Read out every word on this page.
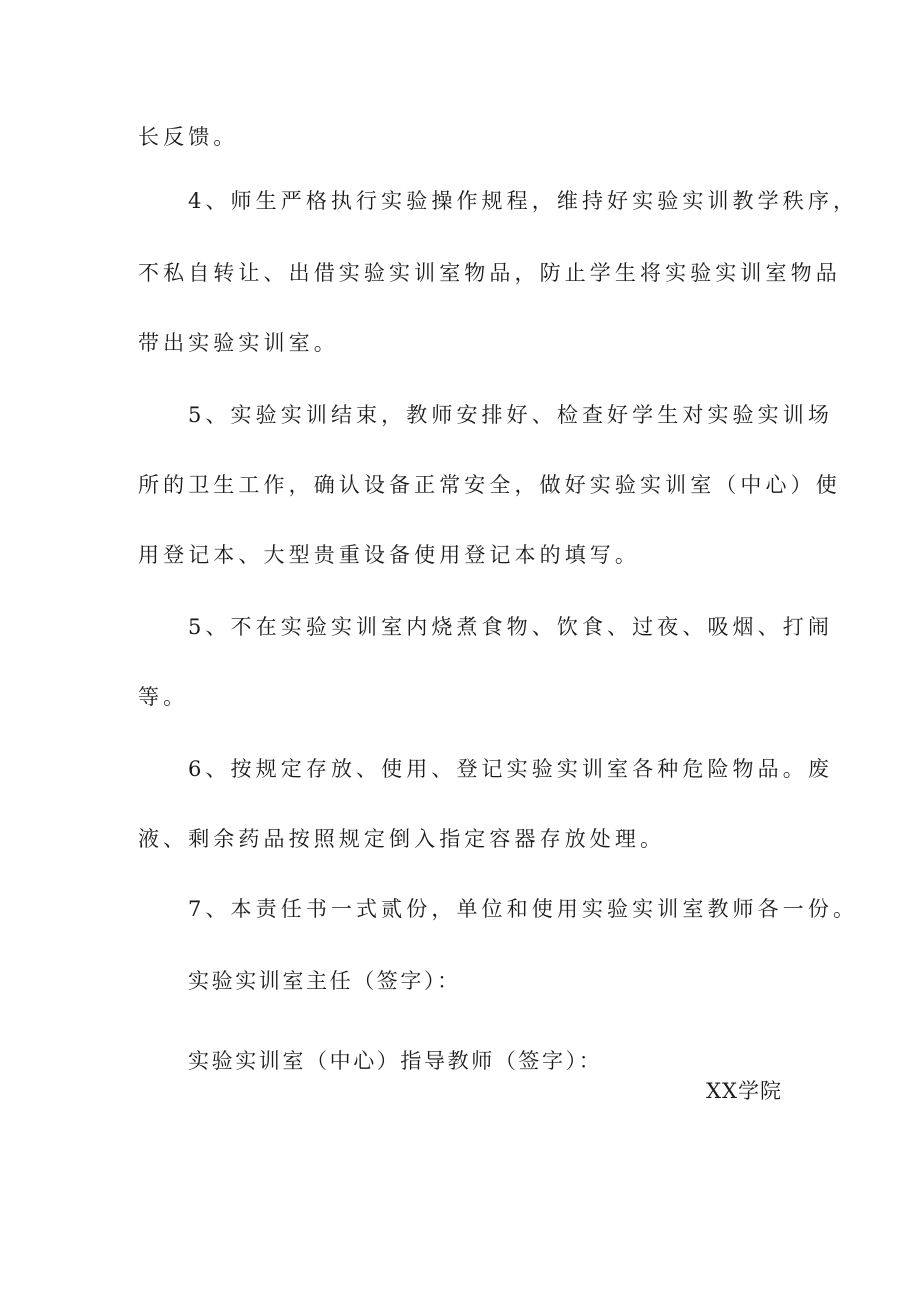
长反馈。
4、师生严格执行实验操作规程，维持好实验实训教学秩序，
不私自转让、出借实验实训室物品，防止学生将实验实训室物品
带出实验实训室。
5、实验实训结束，教师安排好、检查好学生对实验实训场
所的卫生工作，确认设备正常安全，做好实验实训室（中心）使
用登记本、大型贵重设备使用登记本的填写。
5、不在实验实训室内烧煮食物、饮食、过夜、吸烟、打闹
等。
6、按规定存放、使用、登记实验实训室各种危险物品。废
液、剩余药品按照规定倒入指定容器存放处理。
7、本责任书一式贰份，单位和使用实验实训室教师各一份。
实验实训室主任（签字）：
实验实训室（中心）指导教师（签字）：
XX学院
